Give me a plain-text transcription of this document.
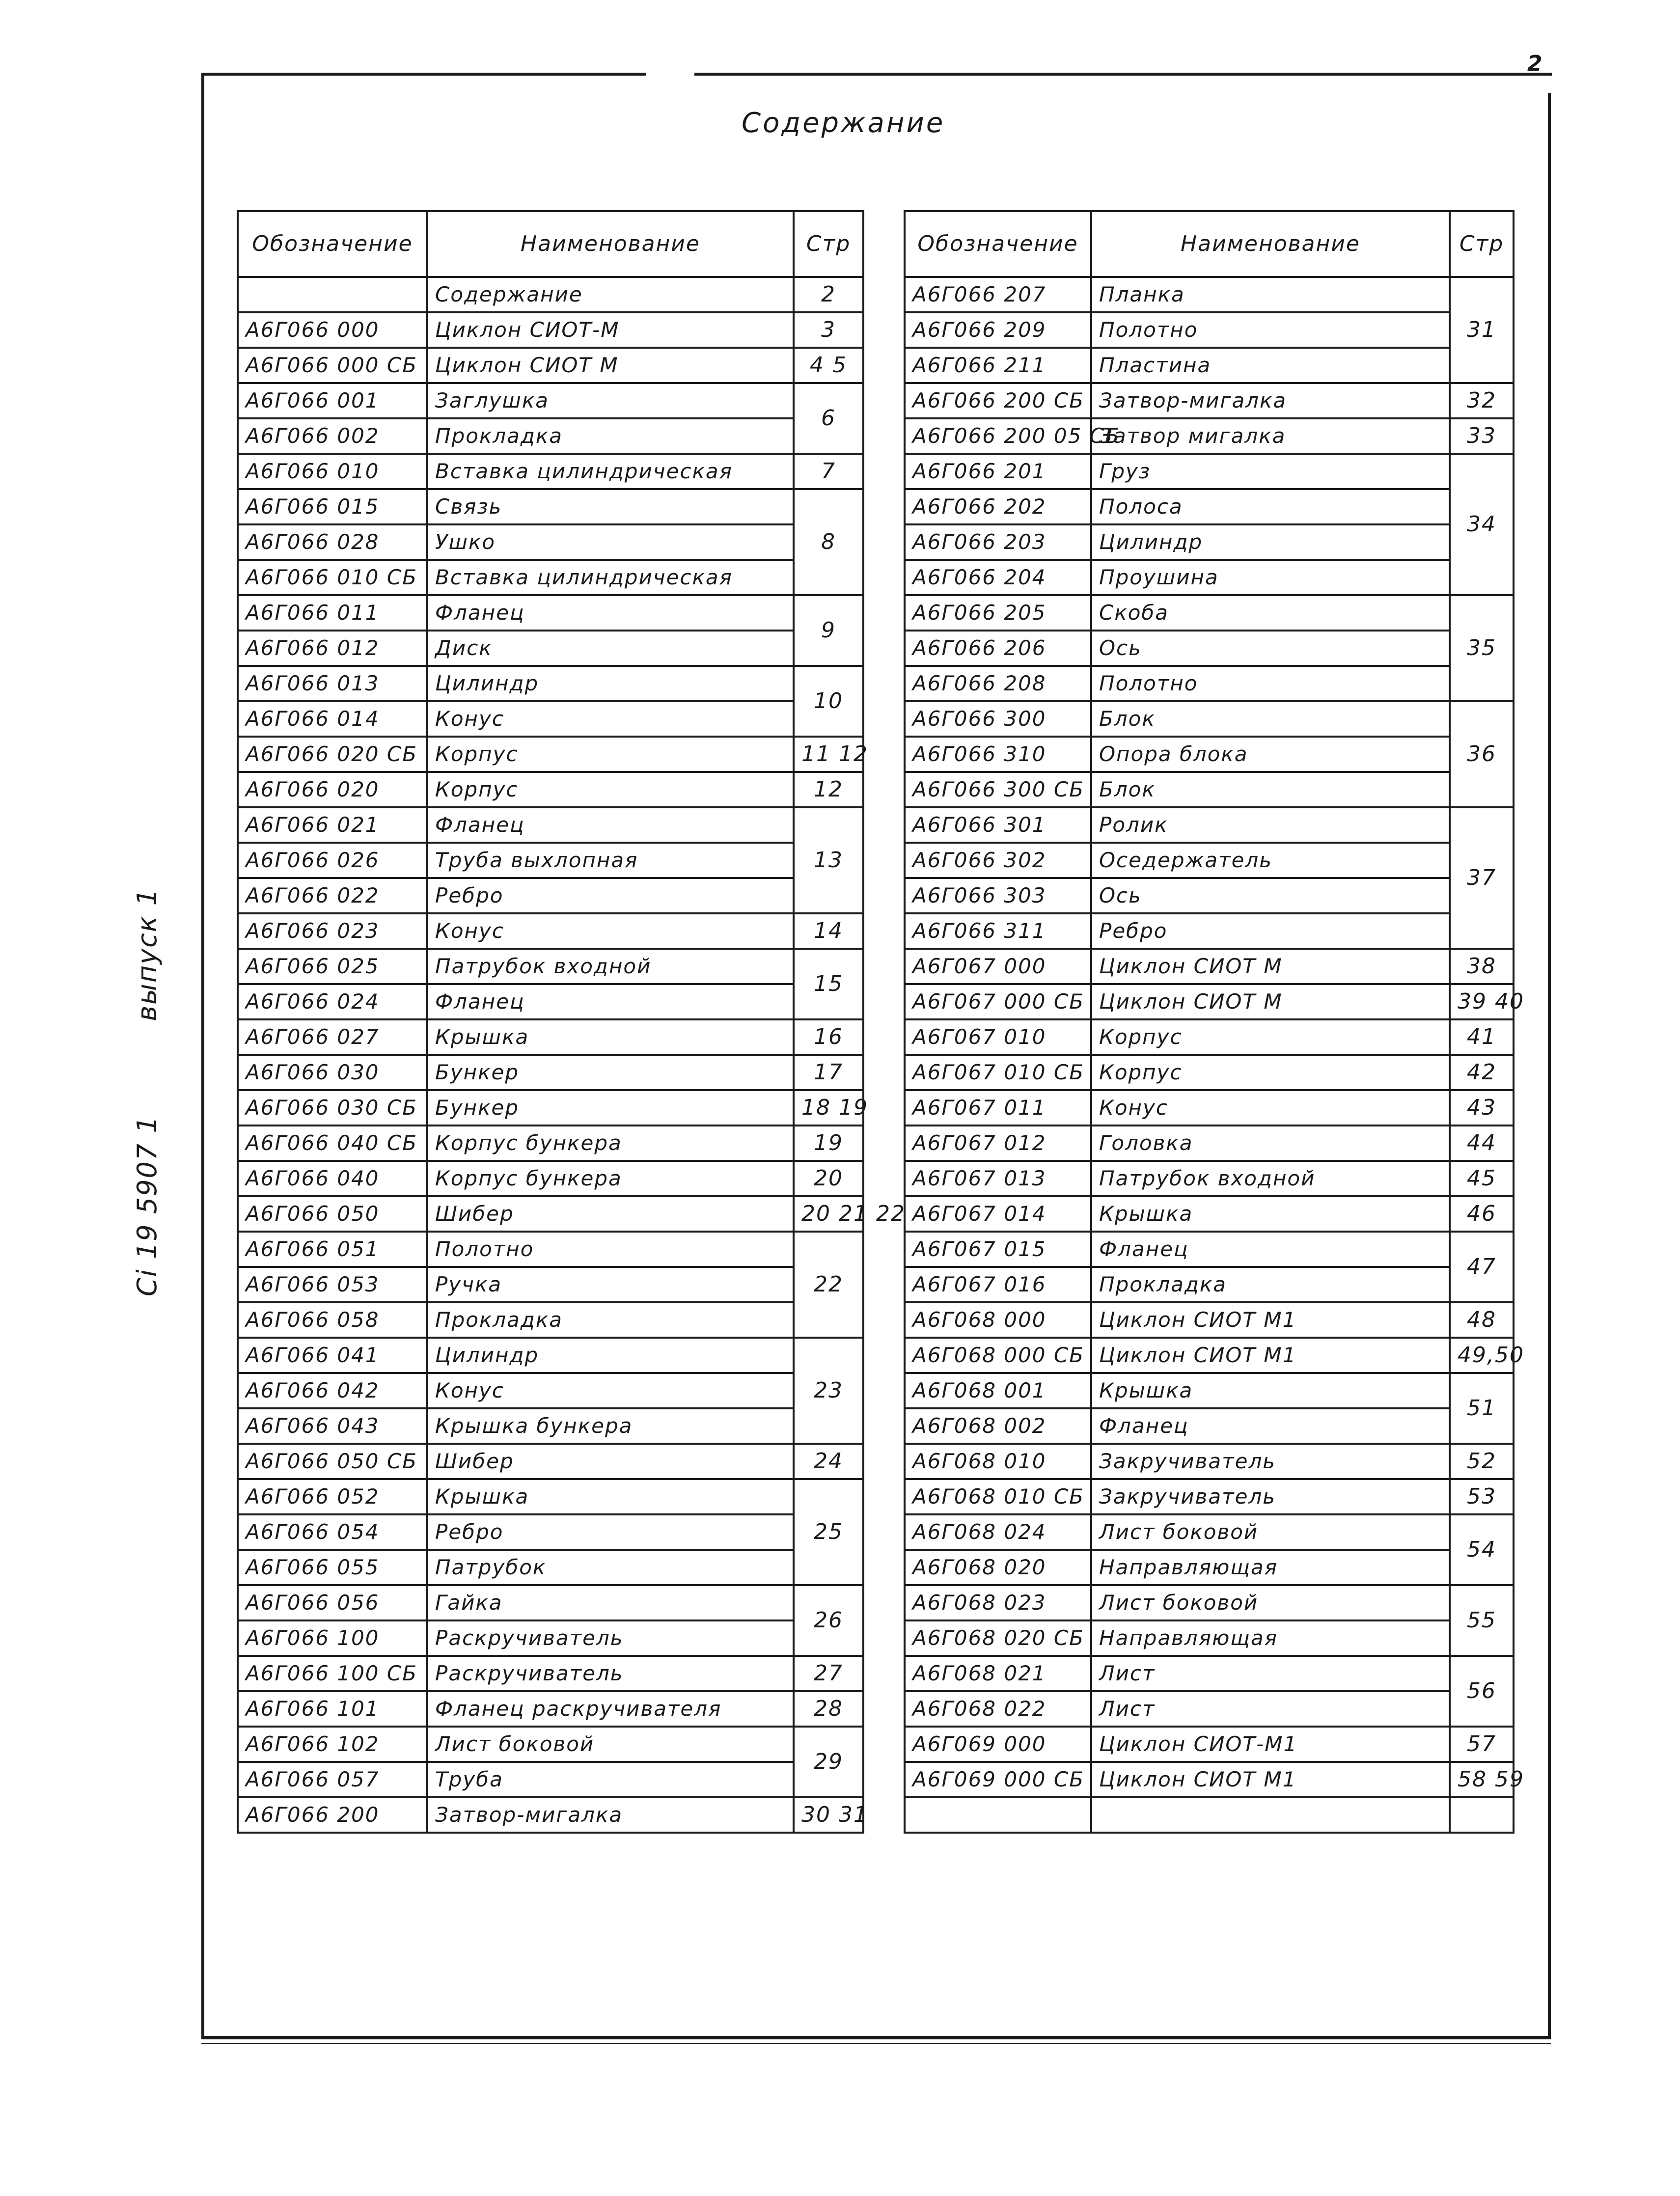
2
Содержание
Сi 19 5907 1          выпуск 1
Обозначение	Наименование	Стр
	Содержание	2
А6Г066 000	Циклон СИОТ-М	3
А6Г066 000 СБ	Циклон СИОТ М	4 5
А6Г066 001	Заглушка	6
А6Г066 002	Прокладка	
А6Г066 010	Вставка цилиндрическая	7
А6Г066 015	Связь	8
А6Г066 028	Ушко	
А6Г066 010 СБ	Вставка цилиндрическая	
А6Г066 011	Фланец	9
А6Г066 012	Диск	
А6Г066 013	Цилиндр	10
А6Г066 014	Конус	
А6Г066 020 СБ	Корпус	11 12
А6Г066 020	Корпус	12
А6Г066 021	Фланец	13
А6Г066 026	Труба выхлопная	
А6Г066 022	Ребро	
А6Г066 023	Конус	14
А6Г066 025	Патрубок входной	15
А6Г066 024	Фланец	
А6Г066 027	Крышка	16
А6Г066 030	Бункер	17
А6Г066 030 СБ	Бункер	18 19
А6Г066 040 СБ	Корпус бункера	19
А6Г066 040	Корпус бункера	20
А6Г066 050	Шибер	20 21 22
А6Г066 051	Полотно	22
А6Г066 053	Ручка	
А6Г066 058	Прокладка	
А6Г066 041	Цилиндр	23
А6Г066 042	Конус	
А6Г066 043	Крышка бункера	
А6Г066 050 СБ	Шибер	24
А6Г066 052	Крышка	25
А6Г066 054	Ребро	
А6Г066 055	Патрубок	
А6Г066 056	Гайка	26
А6Г066 100	Раскручиватель	
А6Г066 100 СБ	Раскручиватель	27
А6Г066 101	Фланец раскручивателя	28
А6Г066 102	Лист боковой	29
А6Г066 057	Труба	
А6Г066 200	Затвор-мигалка	30 31
Обозначение	Наименование	Стр
А6Г066 207	Планка	31
А6Г066 209	Полотно	
А6Г066 211	Пластина	
А6Г066 200 СБ	Затвор-мигалка	32
А6Г066 200 05 СБ	Затвор мигалка	33
А6Г066 201	Груз	34
А6Г066 202	Полоса	
А6Г066 203	Цилиндр	
А6Г066 204	Проушина	
А6Г066 205	Скоба	35
А6Г066 206	Ось	
А6Г066 208	Полотно	
А6Г066 300	Блок	36
А6Г066 310	Опора блока	
А6Г066 300 СБ	Блок	
А6Г066 301	Ролик	37
А6Г066 302	Оседержатель	
А6Г066 303	Ось	
А6Г066 311	Ребро	
А6Г067 000	Циклон СИОТ М	38
А6Г067 000 СБ	Циклон СИОТ М	39 40
А6Г067 010	Корпус	41
А6Г067 010 СБ	Корпус	42
А6Г067 011	Конус	43
А6Г067 012	Головка	44
А6Г067 013	Патрубок входной	45
А6Г067 014	Крышка	46
А6Г067 015	Фланец	47
А6Г067 016	Прокладка	
А6Г068 000	Циклон СИОТ М1	48
А6Г068 000 СБ	Циклон СИОТ М1	49,50
А6Г068 001	Крышка	51
А6Г068 002	Фланец	
А6Г068 010	Закручиватель	52
А6Г068 010 СБ	Закручиватель	53
А6Г068 024	Лист боковой	54
А6Г068 020	Направляющая	
А6Г068 023	Лист боковой	55
А6Г068 020 СБ	Направляющая	
А6Г068 021	Лист	56
А6Г068 022	Лист	
А6Г069 000	Циклон СИОТ-М1	57
А6Г069 000 СБ	Циклон СИОТ М1	58 59
